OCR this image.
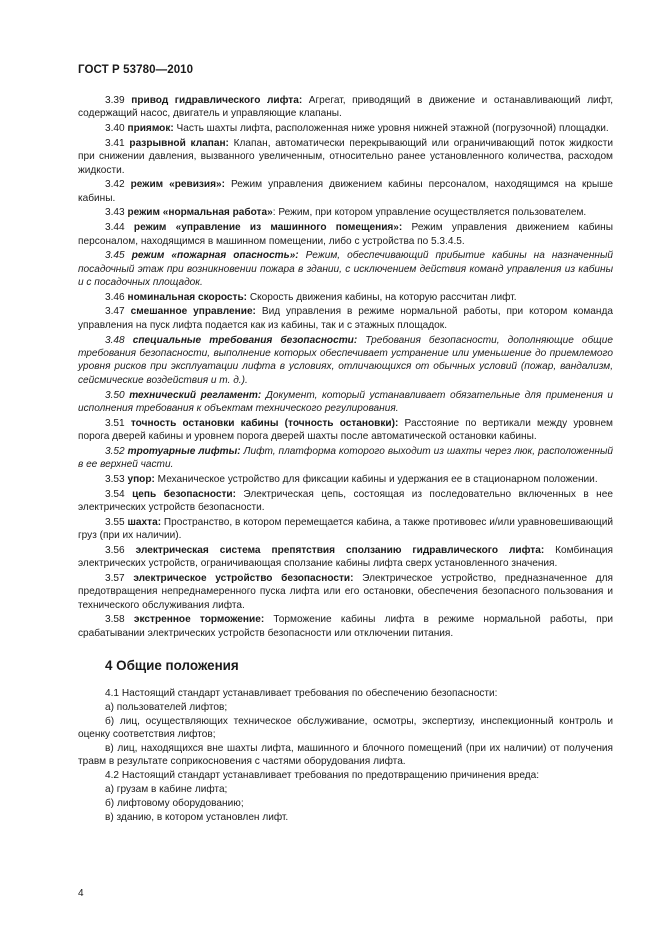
ГОСТ Р 53780—2010

3.39 привод гидравлического лифта: Агрегат, приводящий в движение и останавливающий лифт, содержащий насос, двигатель и управляющие клапаны.

3.40 приямок: Часть шахты лифта, расположенная ниже уровня нижней этажной (погрузочной) площадки.

3.41 разрывной клапан: Клапан, автоматически перекрывающий или ограничивающий поток жидкости при снижении давления, вызванного увеличенным, относительно ранее установленного количества, расходом жидкости.

3.42 режим «ревизия»: Режим управления движением кабины персоналом, находящимся на крыше кабины.

3.43 режим «нормальная работа»: Режим, при котором управление осуществляется пользователем.

3.44 режим «управление из машинного помещения»: Режим управления движением кабины персоналом, находящимся в машинном помещении, либо с устройства по 5.3.4.5.

3.45 режим «пожарная опасность»: Режим, обеспечивающий прибытие кабины на назначенный посадочный этаж при возникновении пожара в здании, с исключением действия команд управления из кабины и с посадочных площадок.

3.46 номинальная скорость: Скорость движения кабины, на которую рассчитан лифт.

3.47 смешанное управление: Вид управления в режиме нормальной работы, при котором команда управления на пуск лифта подается как из кабины, так и с этажных площадок.

3.48 специальные требования безопасности: Требования безопасности, дополняющие общие требования безопасности, выполнение которых обеспечивает устранение или уменьшение до приемлемого уровня рисков при эксплуатации лифта в условиях, отличающихся от обычных условий (пожар, вандализм, сейсмические воздействия и т. д.).

3.50 технический регламент: Документ, который устанавливает обязательные для применения и исполнения требования к объектам технического регулирования.

3.51 точность остановки кабины (точность остановки): Расстояние по вертикали между уровнем порога дверей кабины и уровнем порога дверей шахты после автоматической остановки кабины.

3.52 тротуарные лифты: Лифт, платформа которого выходит из шахты через люк, расположенный в ее верхней части.

3.53 упор: Механическое устройство для фиксации кабины и удержания ее в стационарном положении.

3.54 цепь безопасности: Электрическая цепь, состоящая из последовательно включенных в нее электрических устройств безопасности.

3.55 шахта: Пространство, в котором перемещается кабина, а также противовес и/или уравновешивающий груз (при их наличии).

3.56 электрическая система препятствия сползанию гидравлического лифта: Комбинация электрических устройств, ограничивающая сползание кабины лифта сверх установленного значения.

3.57 электрическое устройство безопасности: Электрическое устройство, предназначенное для предотвращения непреднамеренного пуска лифта или его остановки, обеспечения безопасного пользования и технического обслуживания лифта.

3.58 экстренное торможение: Торможение кабины лифта в режиме нормальной работы, при срабатывании электрических устройств безопасности или отключении питания.

4 Общие положения

4.1 Настоящий стандарт устанавливает требования по обеспечению безопасности:

а) пользователей лифтов;

б) лиц, осуществляющих техническое обслуживание, осмотры, экспертизу, инспекционный контроль и оценку соответствия лифтов;

в) лиц, находящихся вне шахты лифта, машинного и блочного помещений (при их наличии) от получения травм в результате соприкосновения с частями оборудования лифта.

4.2 Настоящий стандарт устанавливает требования по предотвращению причинения вреда:

а) грузам в кабине лифта;

б) лифтовому оборудованию;

в) зданию, в котором установлен лифт.

4
